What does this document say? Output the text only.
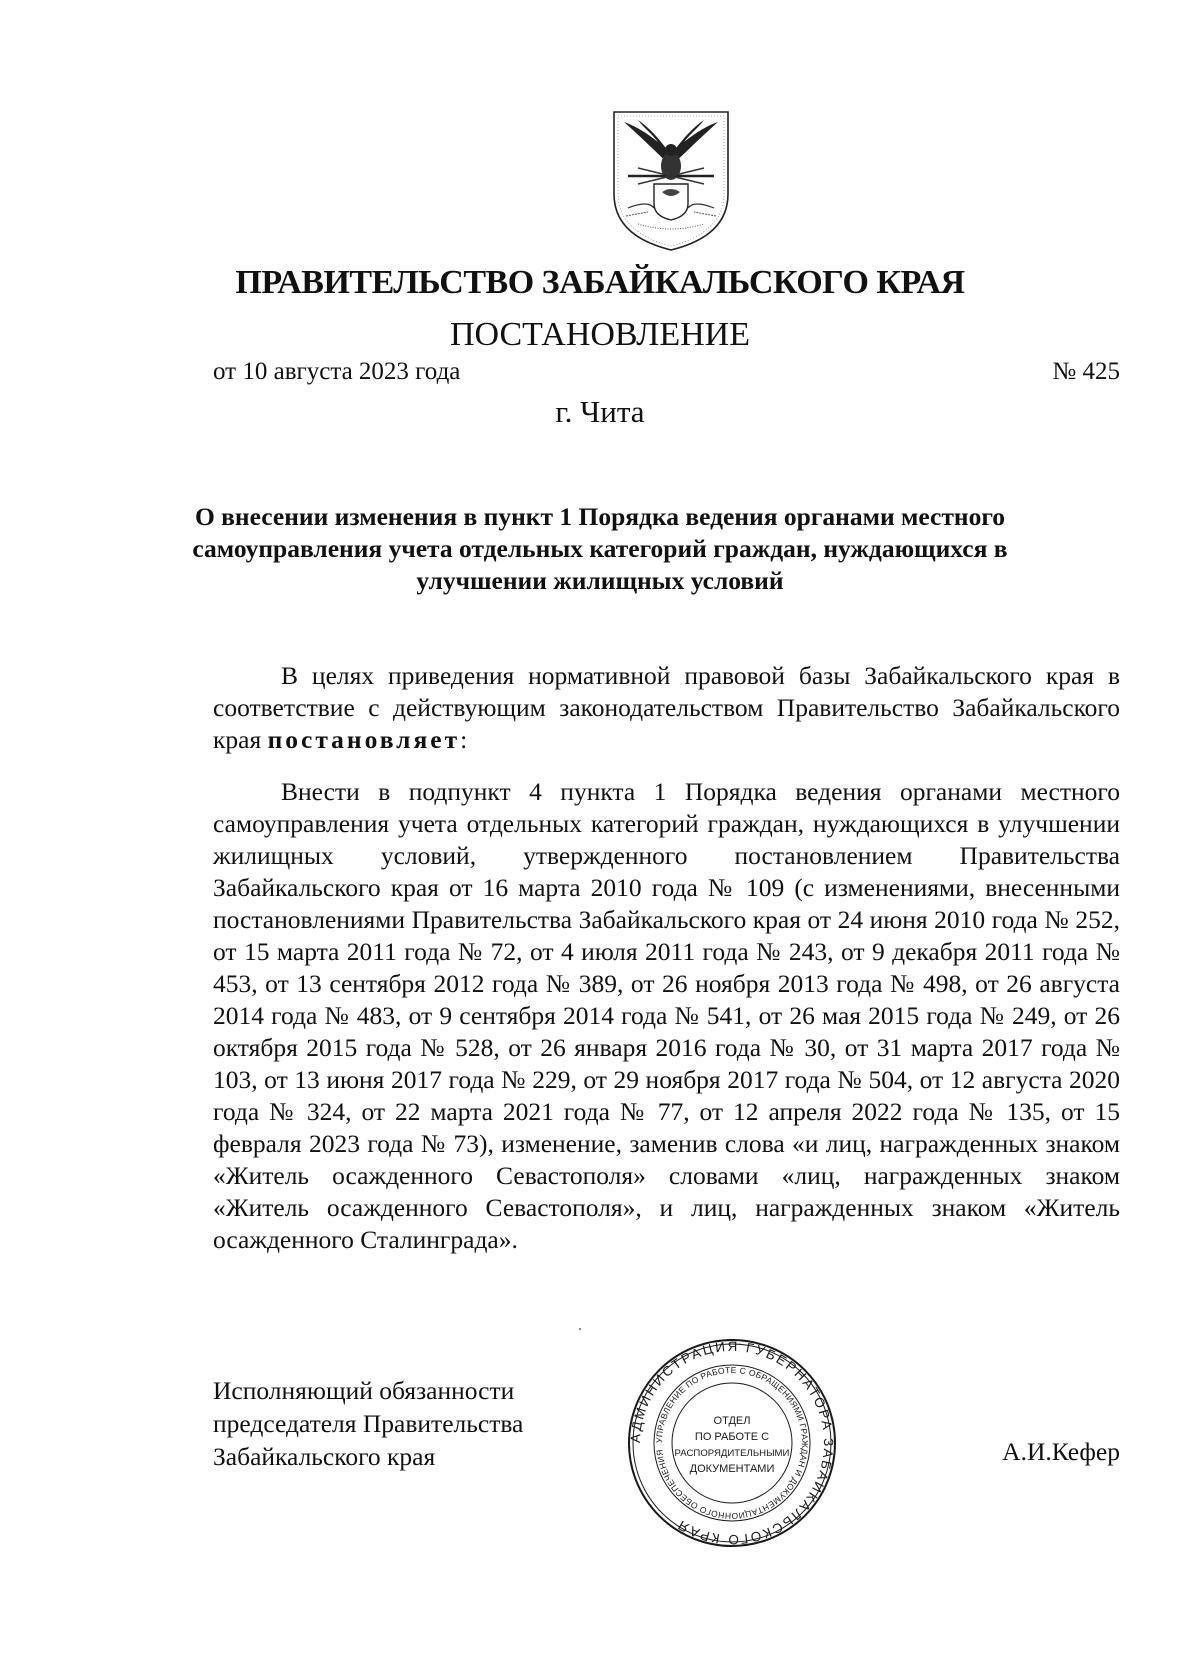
ПРАВИТЕЛЬСТВО ЗАБАЙКАЛЬСКОГО КРАЯ
ПОСТАНОВЛЕНИЕ
от 10 августа 2023 года	№ 425
г. Чита
О внесении изменения в пункт 1 Порядка ведения органами местного
самоуправления учета отдельных категорий граждан, нуждающихся в
улучшении жилищных условий

В целях приведения нормативной правовой базы Забайкальского края в соответствие с действующим законодательством Правительство Забайкальского края постановляет:

Внести в подпункт 4 пункта 1 Порядка ведения органами местного самоуправления учета отдельных категорий граждан, нуждающихся в улучшении жилищных условий, утвержденного постановлением Правительства Забайкальского края от 16 марта 2010 года № 109 (с изменениями, внесенными постановлениями Правительства Забайкальского края от 24 июня 2010 года № 252, от 15 марта 2011 года № 72, от 4 июля 2011 года № 243, от 9 декабря 2011 года № 453, от 13 сентября 2012 года № 389, от 26 ноября 2013 года № 498, от 26 августа 2014 года № 483, от 9 сентября 2014 года № 541, от 26 мая 2015 года № 249, от 26 октября 2015 года № 528, от 26 января 2016 года № 30, от 31 марта 2017 года № 103, от 13 июня 2017 года № 229, от 29 ноября 2017 года № 504, от 12 августа 2020 года № 324, от 22 марта 2021 года № 77, от 12 апреля 2022 года № 135, от 15 февраля 2023 года № 73), изменение, заменив слова «и лиц, награжденных знаком «Житель осажденного Севастополя» словами «лиц, награжденных знаком «Житель осажденного Севастополя», и лиц, награжденных знаком «Житель осажденного Сталинграда».

Исполняющий обязанности
председателя Правительства
Забайкальского края
АДМИНИСТРАЦИЯ ГУБЕРНАТОРА ЗАБАЙКАЛЬСКОГО КРАЯ
УПРАВЛЕНИЕ ПО РАБОТЕ С ОБРАЩЕНИЯМИ ГРАЖДАН И ДОКУМЕНТАЦИОННОГО ОБЕСПЕЧЕНИЯ
ОТДЕЛ
ПО РАБОТЕ С
РАСПОРЯДИТЕЛЬНЫМИ
ДОКУМЕНТАМИ
А.И.Кефер
